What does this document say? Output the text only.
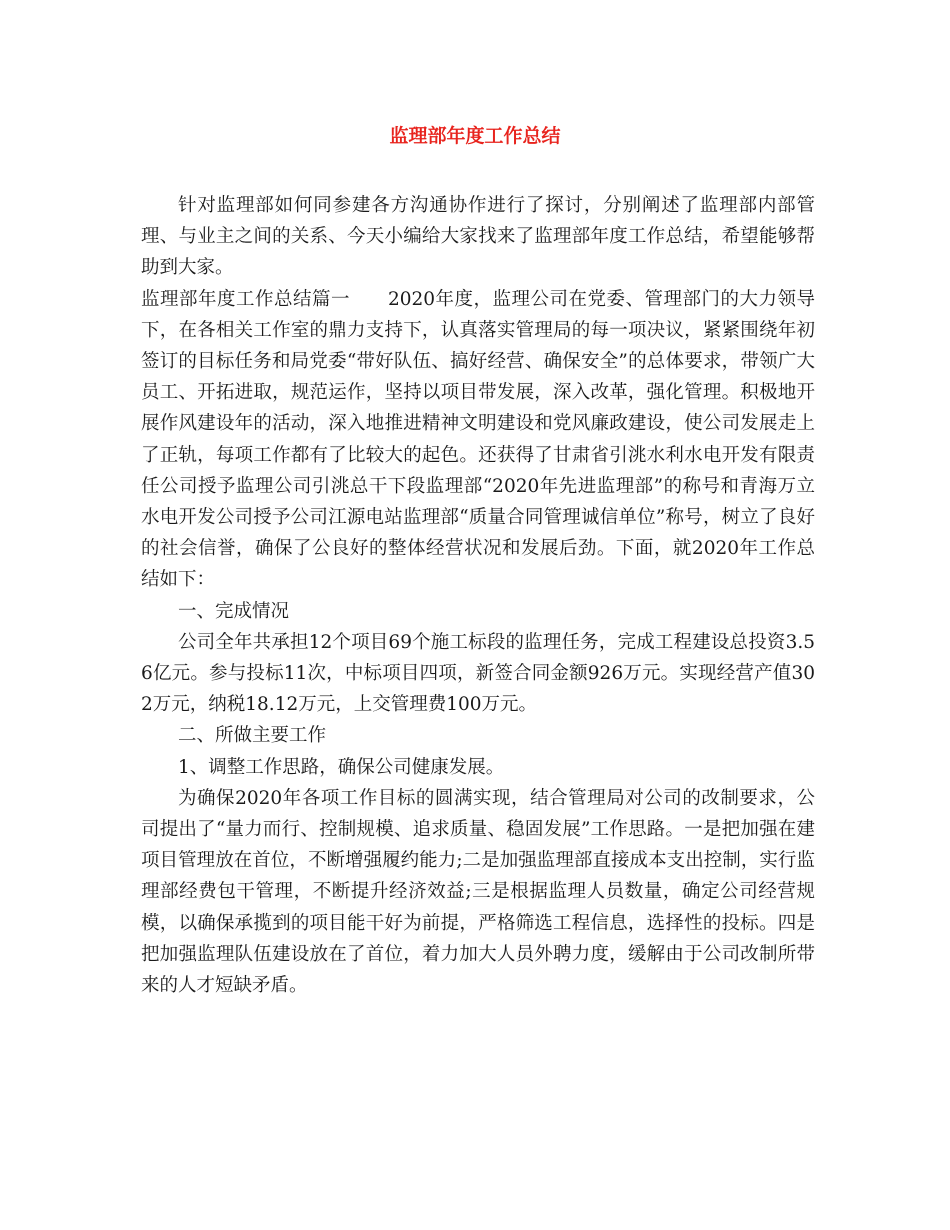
监理部年度工作总结

针对监理部如何同参建各方沟通协作进行了探讨，分别阐述了监理部内部管理、与业主之间的关系、今天小编给大家找来了监理部年度工作总结，希望能够帮助到大家。

监理部年度工作总结篇一　　2020年度，监理公司在党委、管理部门的大力领导下，在各相关工作室的鼎力支持下，认真落实管理局的每一项决议，紧紧围绕年初签订的目标任务和局党委“带好队伍、搞好经营、确保安全”的总体要求，带领广大员工、开拓进取，规范运作，坚持以项目带发展，深入改革，强化管理。积极地开展作风建设年的活动，深入地推进精神文明建设和党风廉政建设，使公司发展走上了正轨，每项工作都有了比较大的起色。还获得了甘肃省引洮水利水电开发有限责任公司授予监理公司引洮总干下段监理部“2020年先进监理部”的称号和青海万立水电开发公司授予公司江源电站监理部“质量合同管理诚信单位”称号，树立了良好的社会信誉，确保了公良好的整体经营状况和发展后劲。下面，就2020年工作总结如下：

一、完成情况

公司全年共承担12个项目69个施工标段的监理任务，完成工程建设总投资3.56亿元。参与投标11次，中标项目四项，新签合同金额926万元。实现经营产值302万元，纳税18.12万元，上交管理费100万元。

二、所做主要工作

1、调整工作思路，确保公司健康发展。

为确保2020年各项工作目标的圆满实现，结合管理局对公司的改制要求，公司提出了“量力而行、控制规模、追求质量、稳固发展”工作思路。一是把加强在建项目管理放在首位，不断增强履约能力;二是加强监理部直接成本支出控制，实行监理部经费包干管理，不断提升经济效益;三是根据监理人员数量，确定公司经营规模，以确保承揽到的项目能干好为前提，严格筛选工程信息，选择性的投标。四是把加强监理队伍建设放在了首位，着力加大人员外聘力度，缓解由于公司改制所带来的人才短缺矛盾。
